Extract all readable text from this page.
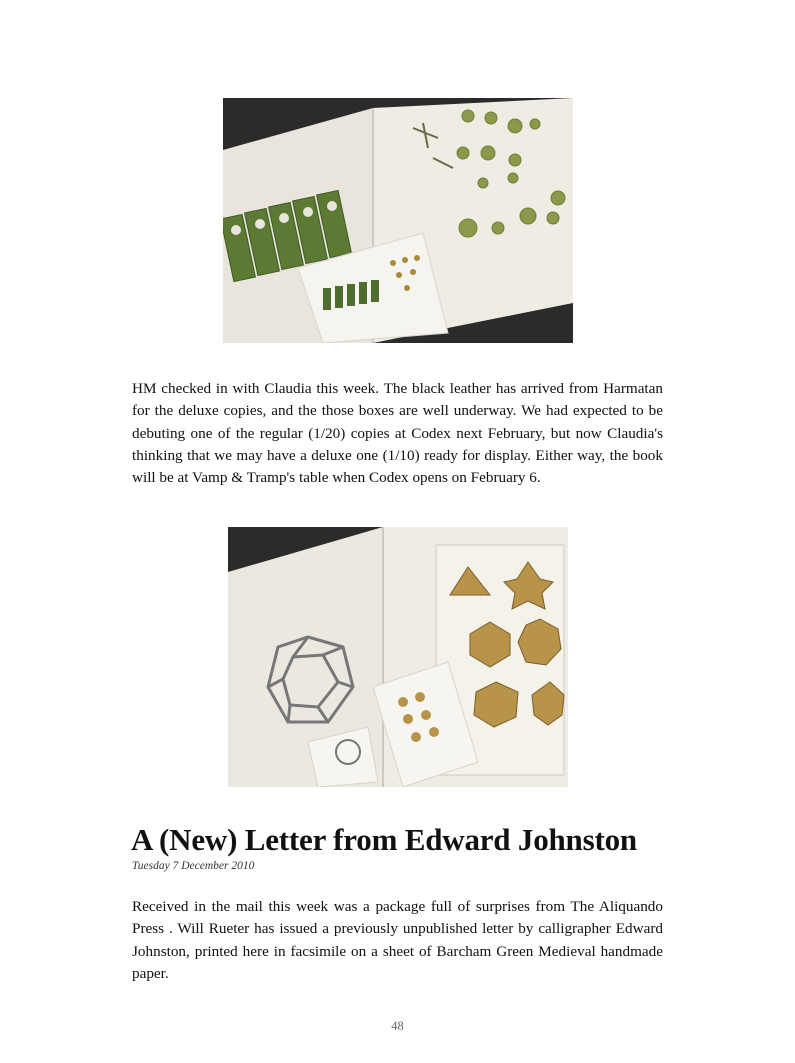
HM checked in with Claudia this week. The black leather has arrived from Harmatan for the deluxe copies, and the those boxes are well underway. We had expected to be debuting one of the regular (1/20) copies at Codex next February, but now Claudia's thinking that we may have a deluxe one (1/10) ready for display. Either way, the book will be at Vamp & Tramp's table when Codex opens on February 6.

A (New) Letter from Edward Johnston
Tuesday 7 December 2010

Received in the mail this week was a package full of surprises from The Aliquando Press . Will Rueter has issued a previously unpublished letter by calligrapher Edward Johnston, printed here in facsimile on a sheet of Barcham Green Medieval handmade paper.

48
